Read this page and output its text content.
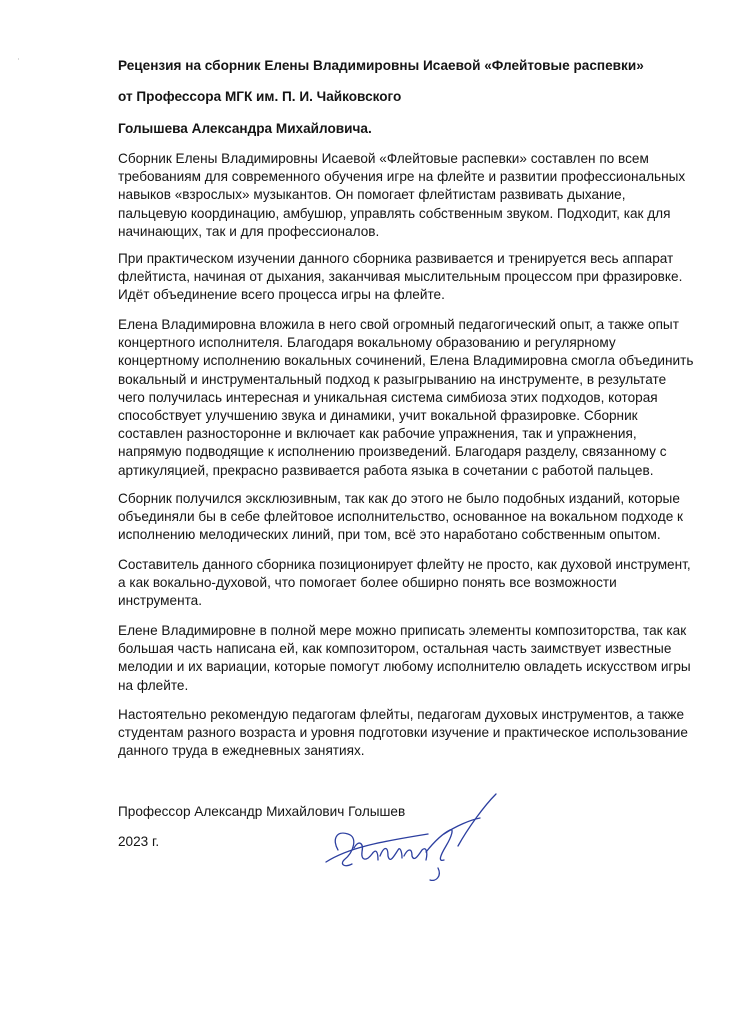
Рецензия на сборник Елены Владимировны Исаевой «Флейтовые распевки»

от Профессора МГК им. П. И. Чайковского

Голышева Александра Михайловича.

Сборник Елены Владимировны Исаевой «Флейтовые распевки» составлен по всем
требованиям для современного обучения игре на флейте и развитии профессиональных
навыков «взрослых» музыкантов. Он помогает флейтистам развивать дыхание,
пальцевую координацию, амбушюр, управлять собственным звуком. Подходит, как для
начинающих, так и для профессионалов.
При практическом изучении данного сборника развивается и тренируется весь аппарат
флейтиста, начиная от дыхания, заканчивая мыслительным процессом при фразировке.
Идёт объединение всего процесса игры на флейте.
Елена Владимировна вложила в него свой огромный педагогический опыт, а также опыт
концертного исполнителя. Благодаря вокальному образованию и регулярному
концертному исполнению вокальных сочинений, Елена Владимировна смогла объединить
вокальный и инструментальный подход к разыгрыванию на инструменте, в результате
чего получилась интересная и уникальная система симбиоза этих подходов, которая
способствует улучшению звука и динамики, учит вокальной фразировке. Сборник
составлен разносторонне и включает как рабочие упражнения, так и упражнения,
напрямую подводящие к исполнению произведений. Благодаря разделу, связанному с
артикуляцией, прекрасно развивается работа языка в сочетании с работой пальцев.
Сборник получился эксклюзивным, так как до этого не было подобных изданий, которые
объединяли бы в себе флейтовое исполнительство, основанное на вокальном подходе к
исполнению мелодических линий, при том, всё это наработано собственным опытом.
Составитель данного сборника позиционирует флейту не просто, как духовой инструмент,
а как вокально-духовой, что помогает более обширно понять все возможности
инструмента.
Елене Владимировне в полной мере можно приписать элементы композиторства, так как
большая часть написана ей, как композитором, остальная часть заимствует известные
мелодии и их вариации, которые помогут любому исполнителю овладеть искусством игры
на флейте.
Настоятельно рекомендую педагогам флейты, педагогам духовых инструментов, а также
студентам разного возраста и уровня подготовки изучение и практическое использование
данного труда в ежедневных занятиях.

Профессор Александр Михайлович Голышев

2023 г.
